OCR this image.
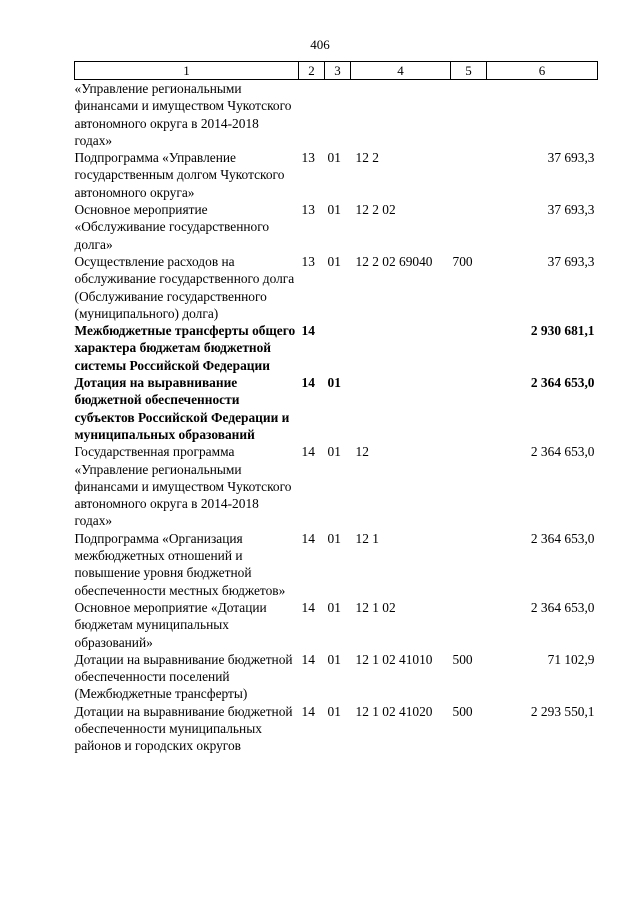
406
1	2	3	4	5	6
«Управление региональными финансами и имуществом Чукотского автономного округа в 2014-2018 годах»					
Подпрограмма «Управление государственным долгом Чукотского автономного округа»	13	01	12 2		37 693,3
Основное мероприятие «Обслуживание государственного долга»	13	01	12 2 02		37 693,3
Осуществление расходов на обслуживание государственного долга (Обслуживание государственного (муниципального) долга)	13	01	12 2 02 69040	700	37 693,3
Межбюджетные трансферты общего характера бюджетам бюджетной системы Российской Федерации	14				2 930 681,1
Дотация на выравнивание бюджетной обеспеченности субъектов Российской Федерации и муниципальных образований	14	01			2 364 653,0
Государственная программа «Управление региональными финансами и имуществом Чукотского автономного округа в 2014-2018 годах»	14	01	12		2 364 653,0
Подпрограмма «Организация межбюджетных отношений и повышение уровня бюджетной обеспеченности местных бюджетов»	14	01	12 1		2 364 653,0
Основное мероприятие «Дотации бюджетам муниципальных образований»	14	01	12 1 02		2 364 653,0
Дотации на выравнивание бюджетной обеспеченности поселений (Межбюджетные трансферты)	14	01	12 1 02 41010	500	71 102,9
Дотации на выравнивание бюджетной обеспеченности муниципальных районов и городских округов	14	01	12 1 02 41020	500	2 293 550,1
